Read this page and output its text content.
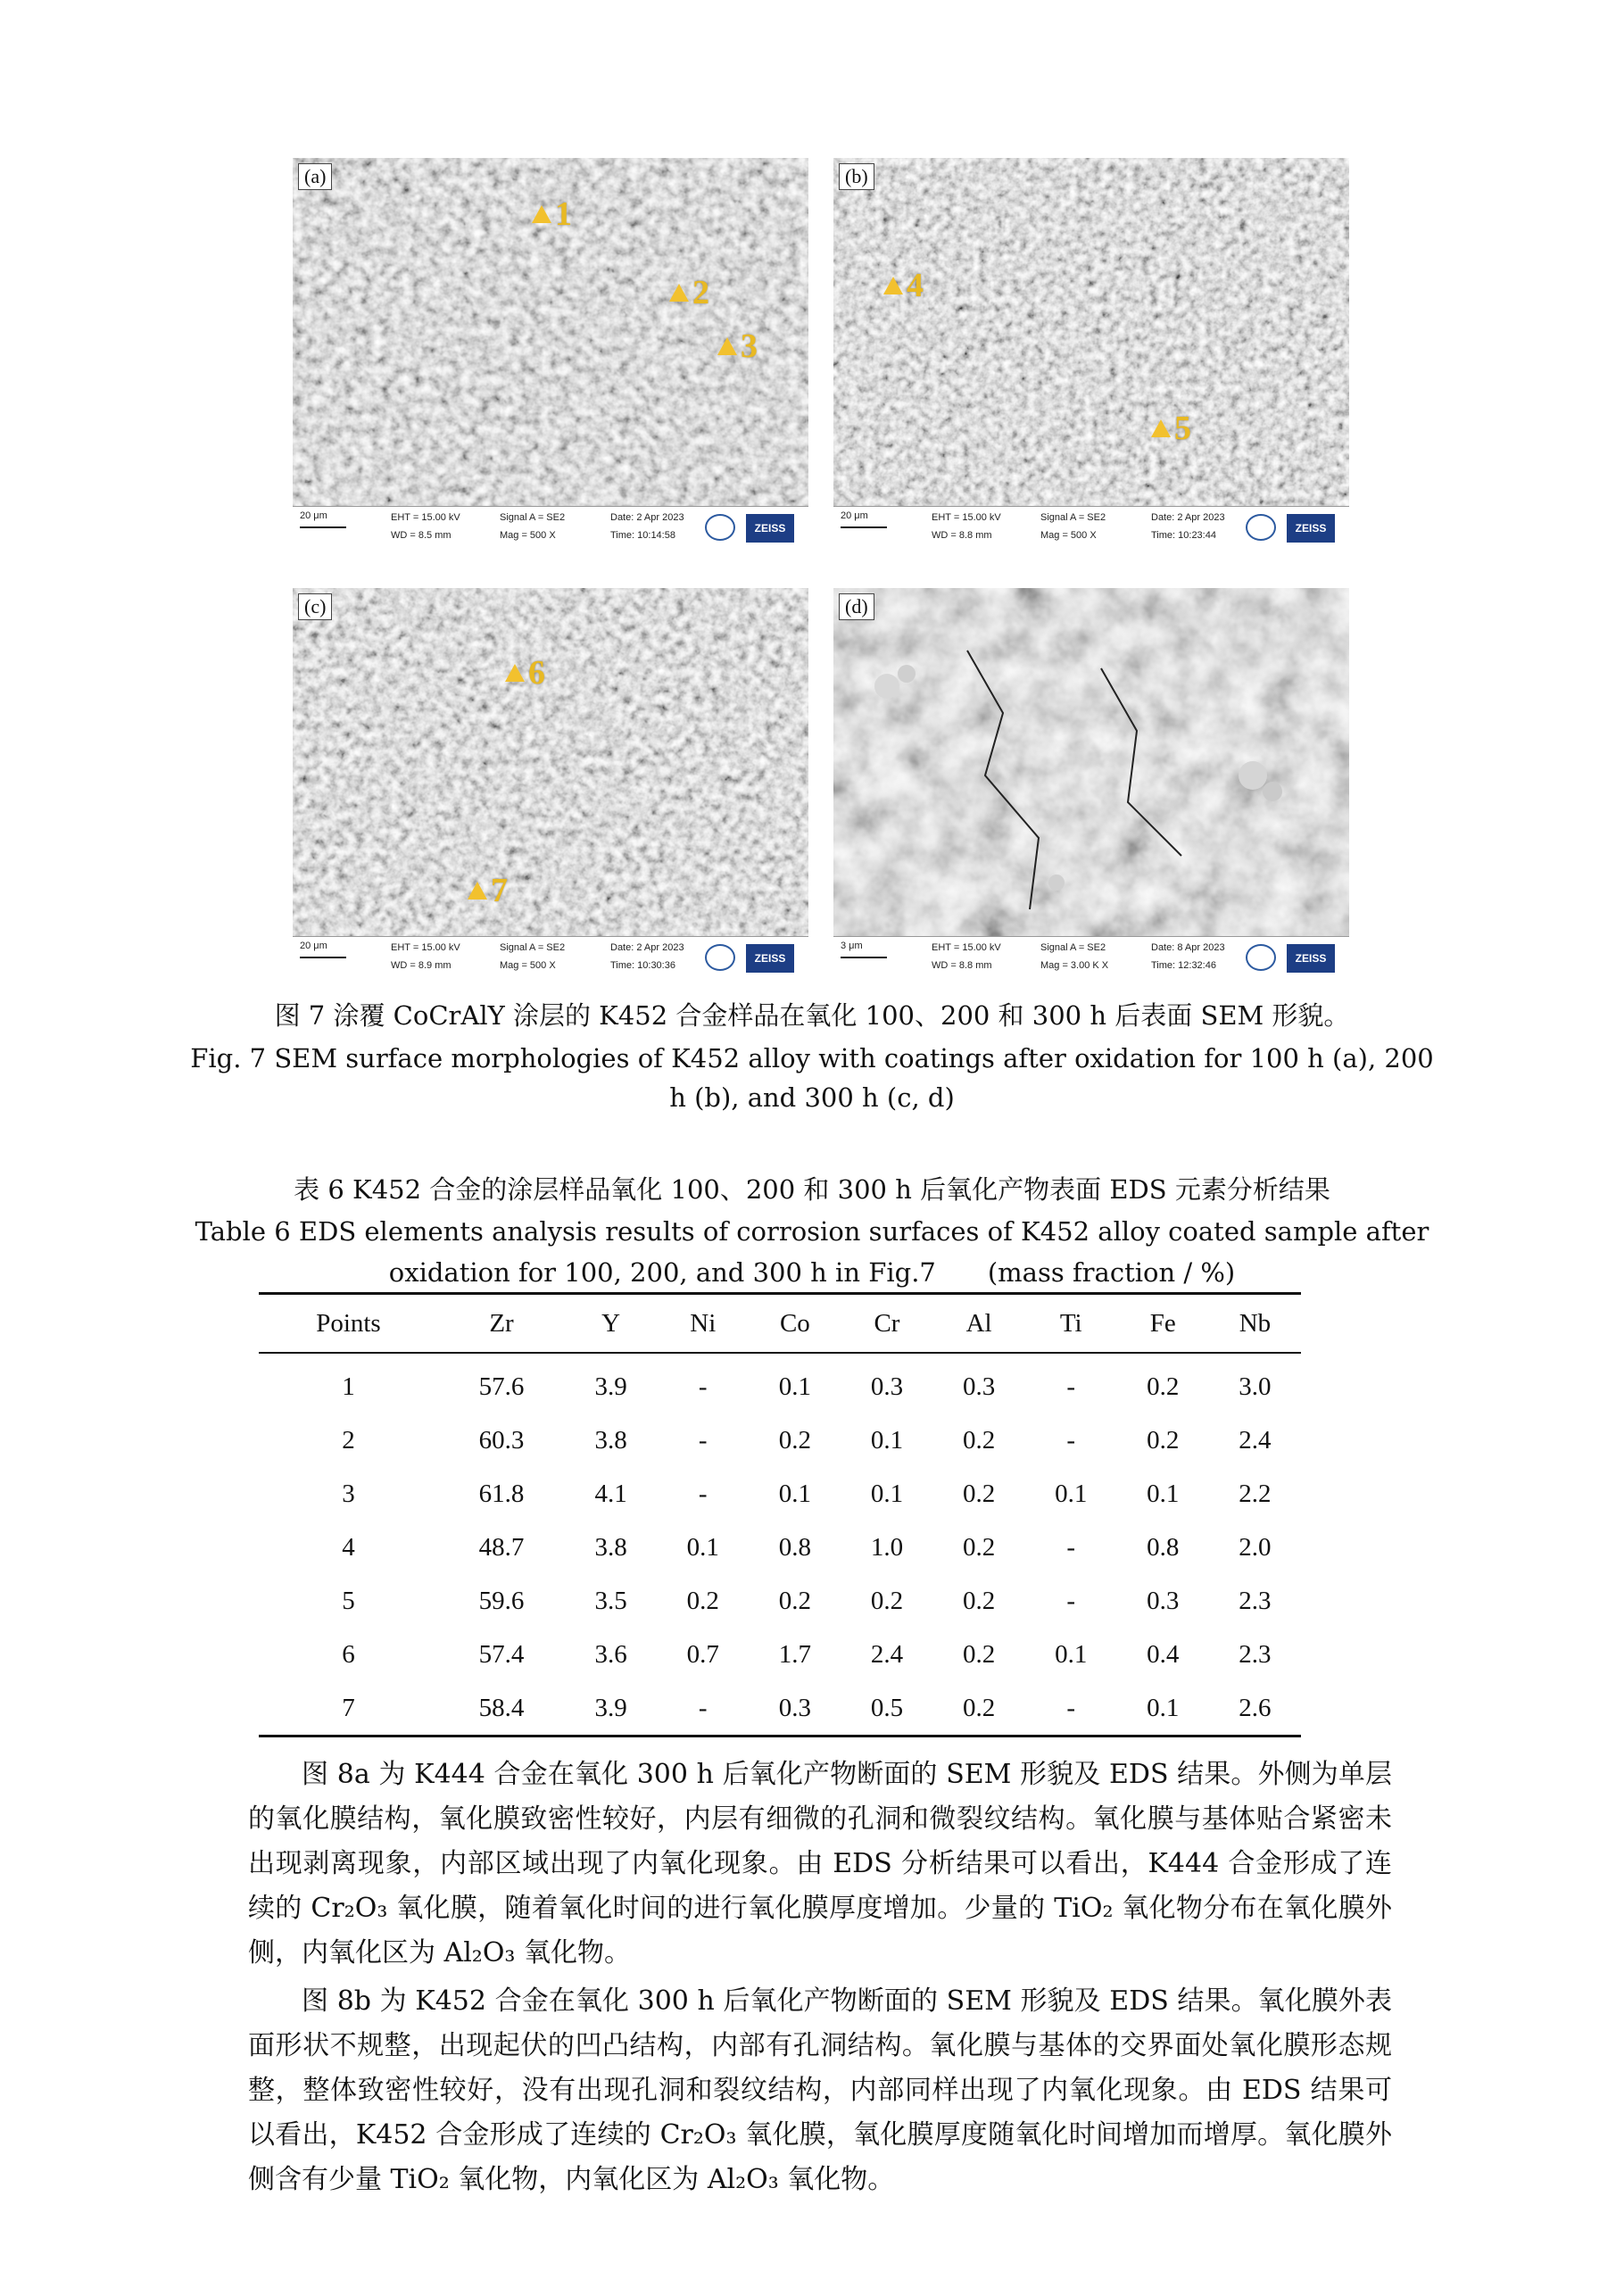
(a)
1
2
3
20 μm	EHT = 15.00 kV
WD = 8.5 mm
Signal A = SE2
Mag = 500 X
Date: 2 Apr 2023
Time: 10:14:58
ZEISS
(b)
4
5
20 μm	EHT = 15.00 kV
WD = 8.8 mm
Signal A = SE2
Mag = 500 X
Date: 2 Apr 2023
Time: 10:23:44
ZEISS
(c)
6
7
20 μm	EHT = 15.00 kV
WD = 8.9 mm
Signal A = SE2
Mag = 500 X
Date: 2 Apr 2023
Time: 10:30:36
ZEISS
(d)
3 μm	EHT = 15.00 kV
WD = 8.8 mm
Signal A = SE2
Mag = 3.00 K X
Date: 8 Apr 2023
Time: 12:32:46
ZEISS
图 7 涂覆 CoCrAlY 涂层的 K452 合金样品在氧化 100、200 和 300 h 后表面 SEM 形貌。
Fig. 7 SEM surface morphologies of K452 alloy with coatings after oxidation for 100 h (a), 200 h (b), and 300 h (c, d)
表 6 K452 合金的涂层样品氧化 100、200 和 300 h 后氧化产物表面 EDS 元素分析结果
Table 6 EDS elements analysis results of corrosion surfaces of K452 alloy coated sample after oxidation for 100, 200, and 300 h in Fig.7　　(mass fraction / %)
Points	Zr	Y	Ni	Co	Cr	Al	Ti	Fe	Nb
1	57.6	3.9	-	0.1	0.3	0.3	-	0.2	3.0
2	60.3	3.8	-	0.2	0.1	0.2	-	0.2	2.4
3	61.8	4.1	-	0.1	0.1	0.2	0.1	0.1	2.2
4	48.7	3.8	0.1	0.8	1.0	0.2	-	0.8	2.0
5	59.6	3.5	0.2	0.2	0.2	0.2	-	0.3	2.3
6	57.4	3.6	0.7	1.7	2.4	0.2	0.1	0.4	2.3
7	58.4	3.9	-	0.3	0.5	0.2	-	0.1	2.6

图 8a 为 K444 合金在氧化 300 h 后氧化产物断面的 SEM 形貌及 EDS 结果。外侧为单层的氧化膜结构，氧化膜致密性较好，内层有细微的孔洞和微裂纹结构。氧化膜与基体贴合紧密未出现剥离现象，内部区域出现了内氧化现象。由 EDS 分析结果可以看出，K444 合金形成了连续的 Cr₂O₃ 氧化膜，随着氧化时间的进行氧化膜厚度增加。少量的 TiO₂ 氧化物分布在氧化膜外侧，内氧化区为 Al₂O₃ 氧化物。

图 8b 为 K452 合金在氧化 300 h 后氧化产物断面的 SEM 形貌及 EDS 结果。氧化膜外表面形状不规整，出现起伏的凹凸结构，内部有孔洞结构。氧化膜与基体的交界面处氧化膜形态规整，整体致密性较好，没有出现孔洞和裂纹结构，内部同样出现了内氧化现象。由 EDS 结果可以看出，K452 合金形成了连续的 Cr₂O₃ 氧化膜，氧化膜厚度随氧化时间增加而增厚。氧化膜外侧含有少量 TiO₂ 氧化物，内氧化区为 Al₂O₃ 氧化物。
